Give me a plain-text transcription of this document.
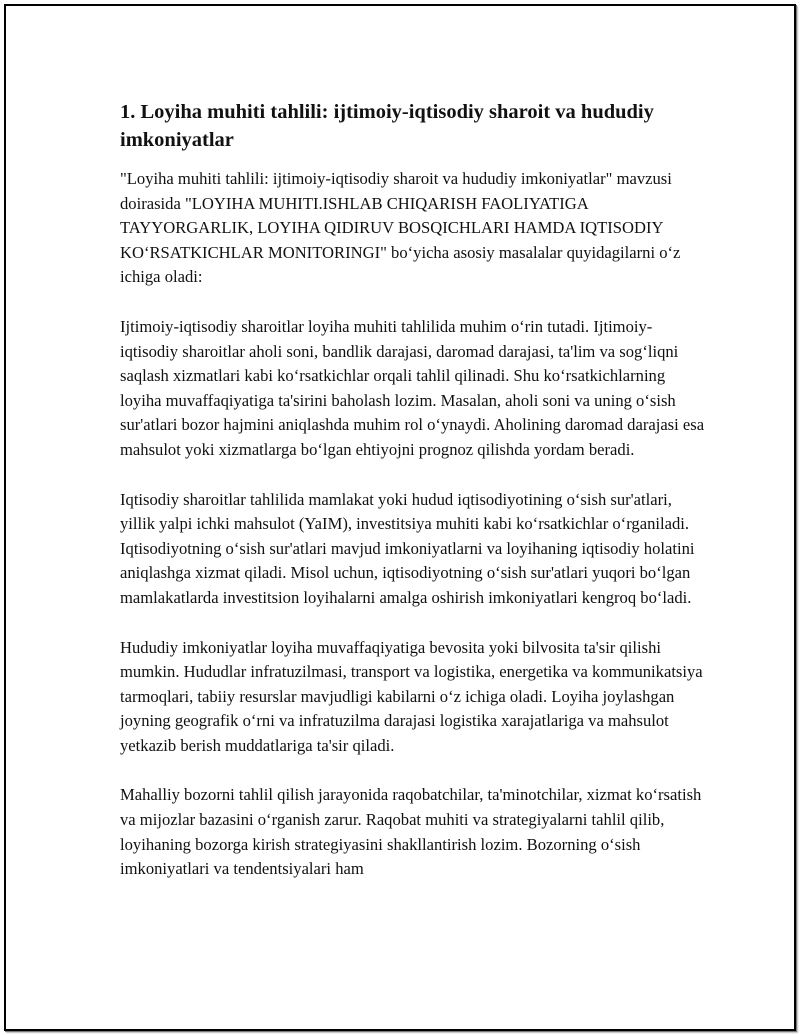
1. Loyiha muhiti tahlili: ijtimoiy-iqtisodiy sharoit va hududiy imkoniyatlar

"Loyiha muhiti tahlili: ijtimoiy-iqtisodiy sharoit va hududiy imkoniyatlar" mavzusi doirasida "LOYIHA MUHITI.ISHLAB CHIQARISH FAOLIYATIGA TAYYORGARLIK, LOYIHA QIDIRUV BOSQICHLARI HAMDA IQTISODIY KO‘RSATKICHLAR MONITORINGI" bo‘yicha asosiy masalalar quyidagilarni o‘z ichiga oladi:

Ijtimoiy-iqtisodiy sharoitlar loyiha muhiti tahlilida muhim o‘rin tutadi. Ijtimoiy-iqtisodiy sharoitlar aholi soni, bandlik darajasi, daromad darajasi, ta'lim va sog‘liqni saqlash xizmatlari kabi ko‘rsatkichlar orqali tahlil qilinadi. Shu ko‘rsatkichlarning loyiha muvaffaqiyatiga ta'sirini baholash lozim. Masalan, aholi soni va uning o‘sish sur'atlari bozor hajmini aniqlashda muhim rol o‘ynaydi. Aholining daromad darajasi esa mahsulot yoki xizmatlarga bo‘lgan ehtiyojni prognoz qilishda yordam beradi.

Iqtisodiy sharoitlar tahlilida mamlakat yoki hudud iqtisodiyotining o‘sish sur'atlari, yillik yalpi ichki mahsulot (YaIM), investitsiya muhiti kabi ko‘rsatkichlar o‘rganiladi. Iqtisodiyotning o‘sish sur'atlari mavjud imkoniyatlarni va loyihaning iqtisodiy holatini aniqlashga xizmat qiladi. Misol uchun, iqtisodiyotning o‘sish sur'atlari yuqori bo‘lgan mamlakatlarda investitsion loyihalarni amalga oshirish imkoniyatlari kengroq bo‘ladi.

Hududiy imkoniyatlar loyiha muvaffaqiyatiga bevosita yoki bilvosita ta'sir qilishi mumkin. Hududlar infratuzilmasi, transport va logistika, energetika va kommunikatsiya tarmoqlari, tabiiy resurslar mavjudligi kabilarni o‘z ichiga oladi. Loyiha joylashgan joyning geografik o‘rni va infratuzilma darajasi logistika xarajatlariga va mahsulot yetkazib berish muddatlariga ta'sir qiladi.

Mahalliy bozorni tahlil qilish jarayonida raqobatchilar, ta'minotchilar, xizmat ko‘rsatish va mijozlar bazasini o‘rganish zarur. Raqobat muhiti va strategiyalarni tahlil qilib, loyihaning bozorga kirish strategiyasini shakllantirish lozim. Bozorning o‘sish imkoniyatlari va tendentsiyalari ham
